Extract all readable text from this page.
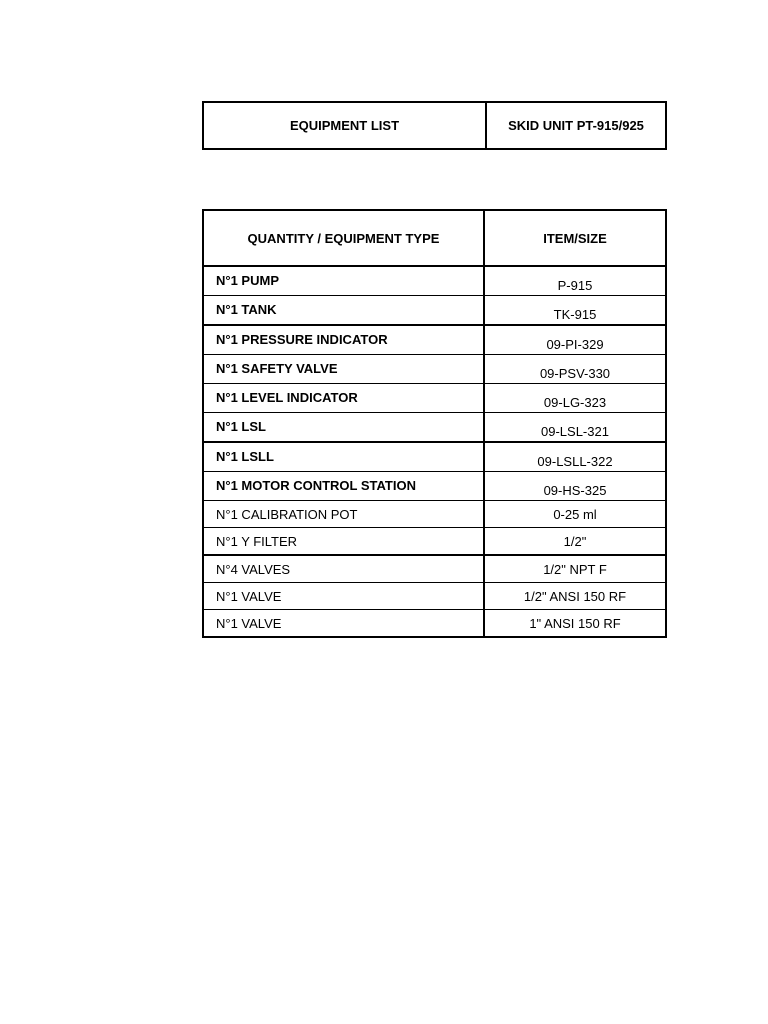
EQUIPMENT LIST	SKID UNIT PT-915/925
QUANTITY / EQUIPMENT TYPE	ITEM/SIZE
N°1 PUMP	P-915
N°1 TANK	TK-915
N°1 PRESSURE INDICATOR	09-PI-329
N°1 SAFETY VALVE	09-PSV-330
N°1 LEVEL INDICATOR	09-LG-323
N°1 LSL	09-LSL-321
N°1 LSLL	09-LSLL-322
N°1 MOTOR CONTROL STATION	09-HS-325
N°1 CALIBRATION POT	0-25 ml
N°1 Y FILTER	1/2"
N°4 VALVES	1/2" NPT F
N°1 VALVE	1/2" ANSI 150 RF
N°1 VALVE	1" ANSI 150 RF
